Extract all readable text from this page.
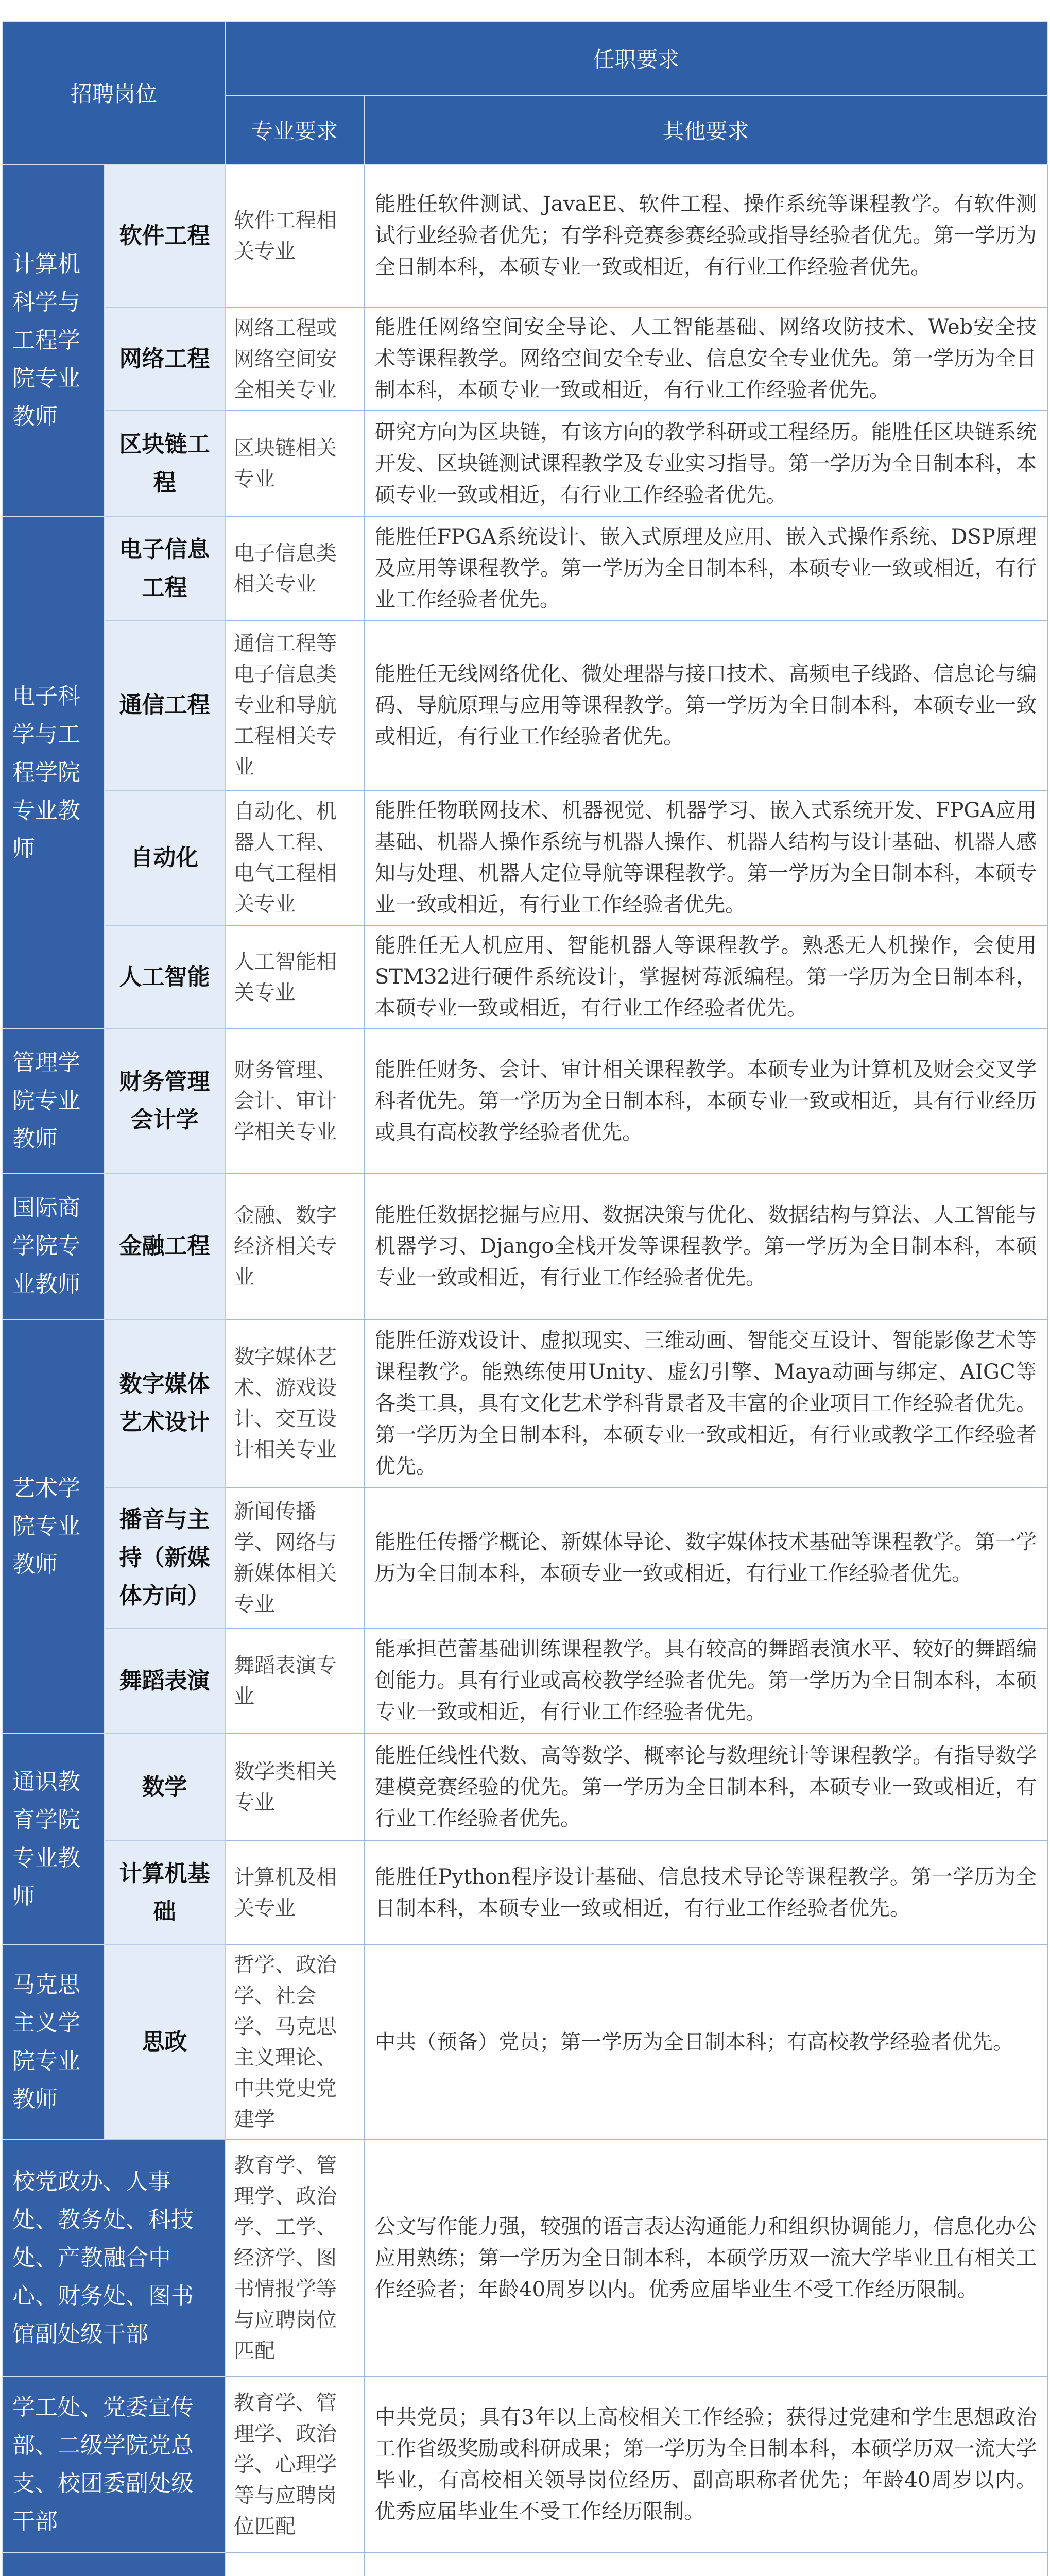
招聘岗位		任职要求	
		专业要求	其他要求
计算机科学与工程学院专业教师	软件工程	软件工程相关专业	能胜任软件测试、JavaEE、软件工程、操作系统等课程教学。有软件测试行业经验者优先；有学科竞赛参赛经验或指导经验者优先。第一学历为全日制本科，本硕专业一致或相近，有行业工作经验者优先。
	网络工程	网络工程或网络空间安全相关专业	能胜任网络空间安全导论、人工智能基础、网络攻防技术、Web安全技术等课程教学。网络空间安全专业、信息安全专业优先。第一学历为全日制本科，本硕专业一致或相近，有行业工作经验者优先。
	区块链工程	区块链相关专业	研究方向为区块链，有该方向的教学科研或工程经历。能胜任区块链系统开发、区块链测试课程教学及专业实习指导。第一学历为全日制本科，本硕专业一致或相近，有行业工作经验者优先。
电子科学与工程学院专业教师	电子信息工程	电子信息类相关专业	能胜任FPGA系统设计、嵌入式原理及应用、嵌入式操作系统、DSP原理及应用等课程教学。第一学历为全日制本科，本硕专业一致或相近，有行业工作经验者优先。
	通信工程	通信工程等电子信息类专业和导航工程相关专业	能胜任无线网络优化、微处理器与接口技术、高频电子线路、信息论与编码、导航原理与应用等课程教学。第一学历为全日制本科，本硕专业一致或相近，有行业工作经验者优先。
	自动化	自动化、机器人工程、电气工程相关专业	能胜任物联网技术、机器视觉、机器学习、嵌入式系统开发、FPGA应用基础、机器人操作系统与机器人操作、机器人结构与设计基础、机器人感知与处理、机器人定位导航等课程教学。第一学历为全日制本科，本硕专业一致或相近，有行业工作经验者优先。
	人工智能	人工智能相关专业	能胜任无人机应用、智能机器人等课程教学。熟悉无人机操作，会使用STM32进行硬件系统设计，掌握树莓派编程。第一学历为全日制本科，本硕专业一致或相近，有行业工作经验者优先。
管理学院专业教师	财务管理会计学	财务管理、会计、审计学相关专业	能胜任财务、会计、审计相关课程教学。本硕专业为计算机及财会交叉学科者优先。第一学历为全日制本科，本硕专业一致或相近，具有行业经历或具有高校教学经验者优先。
国际商学院专业教师	金融工程	金融、数字经济相关专业	能胜任数据挖掘与应用、数据决策与优化、数据结构与算法、人工智能与机器学习、Django全栈开发等课程教学。第一学历为全日制本科，本硕专业一致或相近，有行业工作经验者优先。
艺术学院专业教师	数字媒体艺术设计	数字媒体艺术、游戏设计、交互设计相关专业	能胜任游戏设计、虚拟现实、三维动画、智能交互设计、智能影像艺术等课程教学。能熟练使用Unity、虚幻引擎、Maya动画与绑定、AIGC等各类工具，具有文化艺术学科背景者及丰富的企业项目工作经验者优先。第一学历为全日制本科，本硕专业一致或相近，有行业或教学工作经验者优先。
	播音与主持（新媒体方向）	新闻传播学、网络与新媒体相关专业	能胜任传播学概论、新媒体导论、数字媒体技术基础等课程教学。第一学历为全日制本科，本硕专业一致或相近，有行业工作经验者优先。
	舞蹈表演	舞蹈表演专业	能承担芭蕾基础训练课程教学。具有较高的舞蹈表演水平、较好的舞蹈编创能力。具有行业或高校教学经验者优先。第一学历为全日制本科，本硕专业一致或相近，有行业工作经验者优先。
通识教育学院专业教师	数学	数学类相关专业	能胜任线性代数、高等数学、概率论与数理统计等课程教学。有指导数学建模竞赛经验的优先。第一学历为全日制本科，本硕专业一致或相近，有行业工作经验者优先。
	计算机基础	计算机及相关专业	能胜任Python程序设计基础、信息技术导论等课程教学。第一学历为全日制本科，本硕专业一致或相近，有行业工作经验者优先。
马克思主义学院专业教师	思政	哲学、政治学、社会学、马克思主义理论、中共党史党建学	中共（预备）党员；第一学历为全日制本科；有高校教学经验者优先。
校党政办、人事处、教务处、科技处、产教融合中心、财务处、图书馆副处级干部		教育学、管理学、政治学、工学、经济学、图书情报学等与应聘岗位匹配	公文写作能力强，较强的语言表达沟通能力和组织协调能力，信息化办公应用熟练；第一学历为全日制本科，本硕学历双一流大学毕业且有相关工作经验者；年龄40周岁以内。优秀应届毕业生不受工作经历限制。
学工处、党委宣传部、二级学院党总支、校团委副处级干部		教育学、管理学、政治学、心理学等与应聘岗位匹配	中共党员；具有3年以上高校相关工作经验；获得过党建和学生思想政治工作省级奖励或科研成果；第一学历为全日制本科，本硕学历双一流大学毕业，有高校相关领导岗位经历、副高职称者优先；年龄40周岁以内。优秀应届毕业生不受工作经历限制。
